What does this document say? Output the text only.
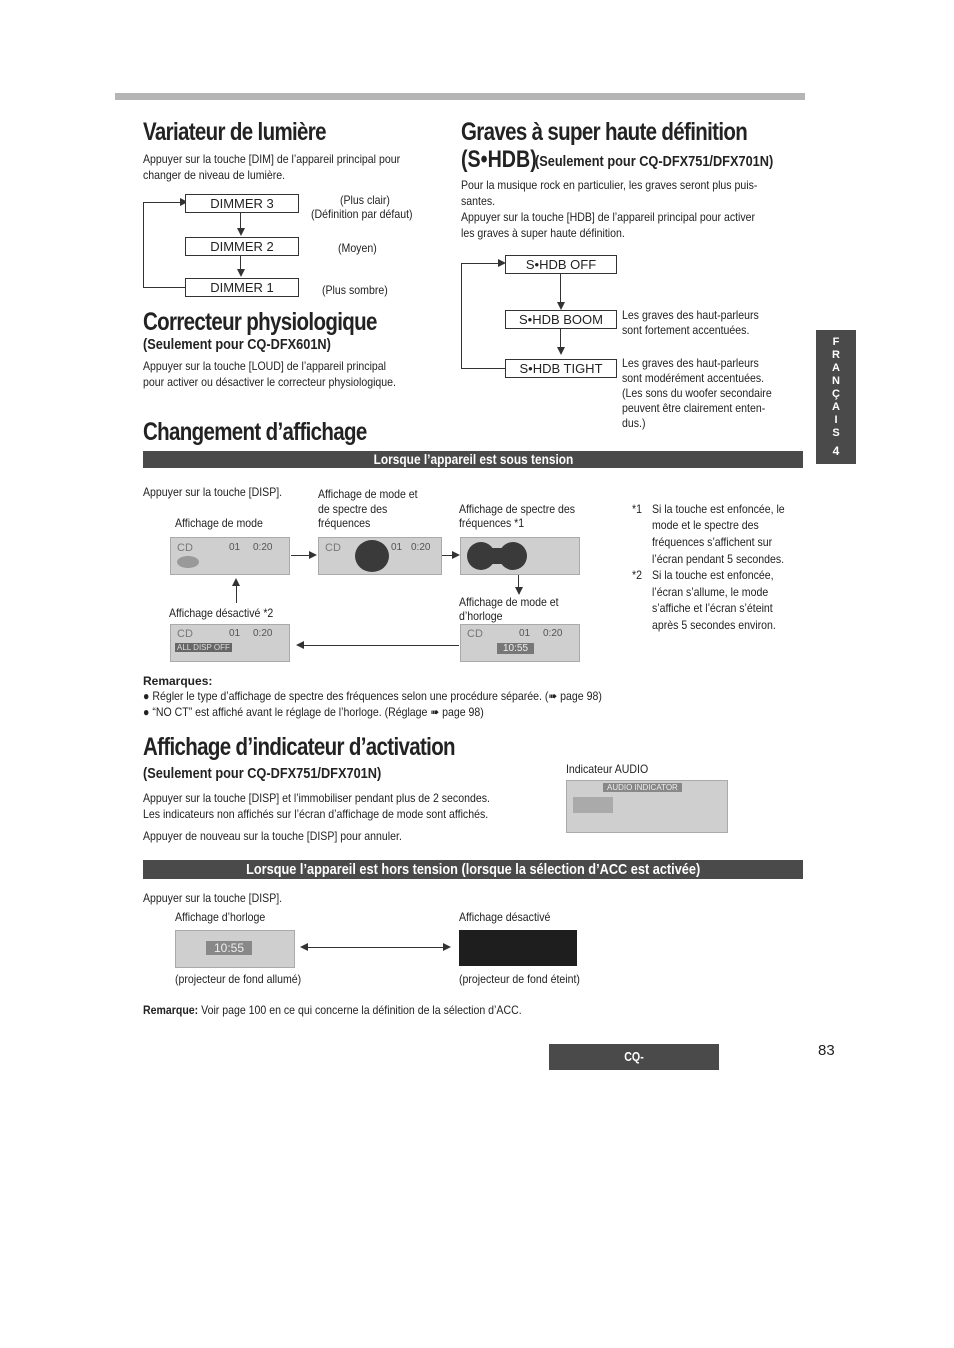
Variateur de lumière
Appuyer sur la touche [DIM] de l’appareil principal pour
changer de niveau de lumière.
DIMMER 3
DIMMER 2
DIMMER 1
(Plus clair)
(Définition par défaut)
(Moyen)
(Plus sombre)
Correcteur physiologique
(Seulement pour CQ-DFX601N)
Appuyer sur la touche [LOUD] de l’appareil principal
pour activer ou désactiver le correcteur physiologique.
Graves à super haute définition
(S•HDB)
(Seulement pour CQ-DFX751/DFX701N)
Pour la musique rock en particulier, les graves seront plus puis-
santes.
Appuyer sur la touche [HDB] de l’appareil principal pour activer
les graves à super haute définition.
S•HDB OFF
S•HDB BOOM
S•HDB TIGHT
Les graves des haut-parleurs
sont fortement accentuées.
Les graves des haut-parleurs
sont modérément accentuées.
(Les sons du woofer secondaire
peuvent être clairement enten-
dus.)
F
R
A
N
Ç
A
I
S
4
Changement d’affichage
Lorsque l’appareil est sous tension
Appuyer sur la touche [DISP].
Affichage de mode
Affichage de mode et
de spectre des
fréquences
Affichage de spectre des
fréquences *1
CD	01 0:20	CD	01 0:20
Affichage désactivé *2
Affichage de mode et
d’horloge
CD	01 0:20
ALL DISP OFF
CD	01 0:20
10:55
*1 Si la touche est enfoncée, le
mode et le spectre des
fréquences s’affichent sur
l’écran pendant 5 secondes.
*2 Si la touche est enfoncée,
l’écran s’allume, le mode
s’affiche et l’écran s’éteint
après 5 secondes environ.
Remarques:
● Régler le type d’affichage de spectre des fréquences selon une procédure séparée. (➠ page 98)
● “NO CT” est affiché avant le réglage de l’horloge. (Réglage ➠ page 98)
Affichage d’indicateur d’activation
(Seulement pour CQ-DFX751/DFX701N)
Appuyer sur la touche [DISP] et l’immobiliser pendant plus de 2 secondes.
Les indicateurs non affichés sur l’écran d’affichage de mode sont affichés.
Appuyer de nouveau sur la touche [DISP] pour annuler.
Indicateur AUDIO
AUDIO INDICATOR
Lorsque l’appareil est hors tension (lorsque la sélection d’ACC est activée)
Appuyer sur la touche [DISP].
Affichage d’horloge	Affichage désactivé
10:55
(projecteur de fond allumé)	(projecteur de fond éteint)
Remarque: Voir page 100 en ce qui concerne la définition de la sélection d’ACC.
CQ-DFX751/DFX701/DFX601N
83
